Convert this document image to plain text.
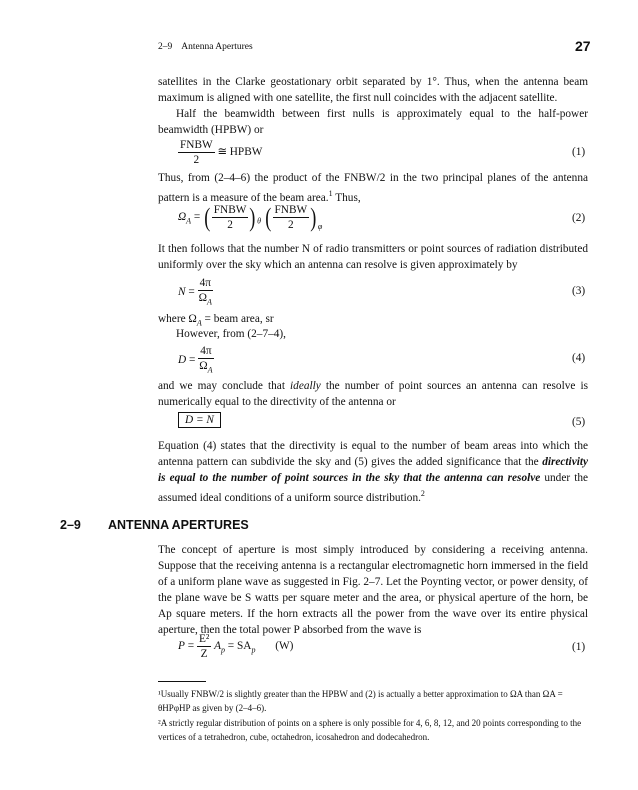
2–9 Antenna Apertures	27
satellites in the Clarke geostationary orbit separated by 1°. Thus, when the antenna beam maximum is aligned with one satellite, the first null coincides with the adjacent satellite.
Half the beamwidth between first nulls is approximately equal to the half-power beamwidth (HPBW) or
$\frac{\text{FNBW}}{2}$ ≅ HPBW	(1)
Thus, from (2–4–6) the product of the FNBW/2 in the two principal planes of the antenna pattern is a measure of the beam area.$^1$ Thus,
$\Omega_A$ = ( $\frac{\text{FNBW}}{2} )_\theta$ ( $\frac{\text{FNBW}}{2} )_\varphi$
(2)
It then follows that the number N of radio transmitters or point sources of radiation distributed uniformly over the sky which an antenna can resolve is given approximately by
$N = \frac{4\pi}{\Omega_A}$	(3)
where $\Omega_A$ = beam area, sr
However, from (2–7–4),
$D = \frac{4\pi}{\Omega_A}$	(4)
and we may conclude that ideally the number of point sources an antenna can resolve is numerically equal to the directivity of the antenna or
D = N	(5)
Equation (4) states that the directivity is equal to the number of beam areas into which the antenna pattern can subdivide the sky and (5) gives the added significance that the directivity is equal to the number of point sources in the sky that the antenna can resolve under the assumed ideal conditions of a uniform source distribution.$^2$
2–9 ANTENNA APERTURES
The concept of aperture is most simply introduced by considering a receiving antenna. Suppose that the receiving antenna is a rectangular electromagnetic horn immersed in the field of a uniform plane wave as suggested in Fig. 2–7. Let the Poynting vector, or power density, of the plane wave be S watts per square meter and the area, or physical aperture of the horn, be Ap square meters. If the horn extracts all the power from the wave over its entire physical aperture, then the total power P absorbed from the wave is
$P = \frac{\text{E²}}{Z} A_p = SA_p$ (W)	(1)
¹Usually FNBW/2 is slightly greater than the HPBW and (2) is actually a better approximation to ΩA than ΩA = θHPφHP as given by (2–4–6).
²A strictly regular distribution of points on a sphere is only possible for 4, 6, 8, 12, and 20 points corresponding to the vertices of a tetrahedron, cube, octahedron, icosahedron and dodecahedron.
